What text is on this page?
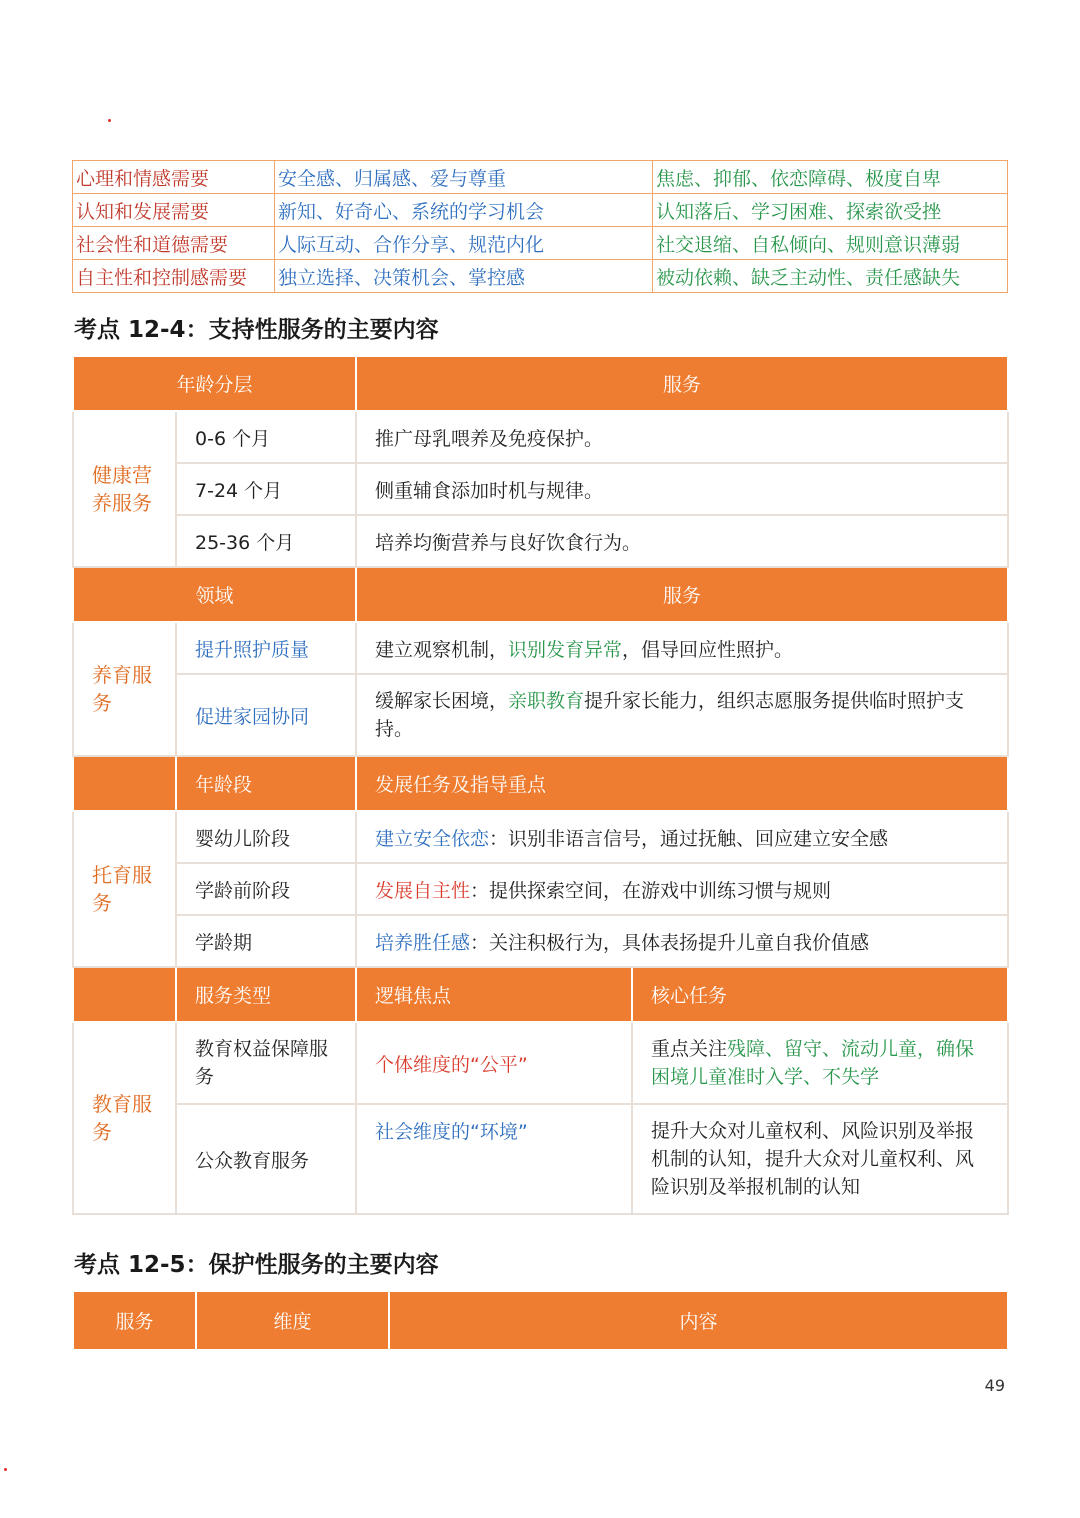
心理和情感需要	安全感、归属感、爱与尊重	焦虑、抑郁、依恋障碍、极度自卑
认知和发展需要	新知、好奇心、系统的学习机会	认知落后、学习困难、探索欲受挫
社会性和道德需要	人际互动、合作分享、规范内化	社交退缩、自私倾向、规则意识薄弱
自主性和控制感需要	独立选择、决策机会、掌控感	被动依赖、缺乏主动性、责任感缺失
考点 12-4：支持性服务的主要内容
年龄分层		服务	
健康营养服务	0-6 个月	推广母乳喂养及免疫保护。	
	7-24 个月	侧重辅食添加时机与规律。	
	25-36 个月	培养均衡营养与良好饮食行为。	
领域		服务	
养育服务	提升照护质量	建立观察机制，识别发育异常，倡导回应性照护。	
	促进家园协同	缓解家长困境，亲职教育提升家长能力，组织志愿服务提供临时照护支持。	
	年龄段	发展任务及指导重点	
托育服务	婴幼儿阶段	建立安全依恋：识别非语言信号，通过抚触、回应建立安全感	
	学龄前阶段	发展自主性：提供探索空间，在游戏中训练习惯与规则	
	学龄期	培养胜任感：关注积极行为，具体表扬提升儿童自我价值感	
	服务类型	逻辑焦点	核心任务
教育服务	教育权益保障服务	个体维度的“公平”	重点关注残障、留守、流动儿童，确保困境儿童准时入学、不失学
	公众教育服务	社会维度的“环境”	提升大众对儿童权利、风险识别及举报机制的认知，提升大众对儿童权利、风险识别及举报机制的认知
考点 12-5：保护性服务的主要内容
服务	维度	内容
49
